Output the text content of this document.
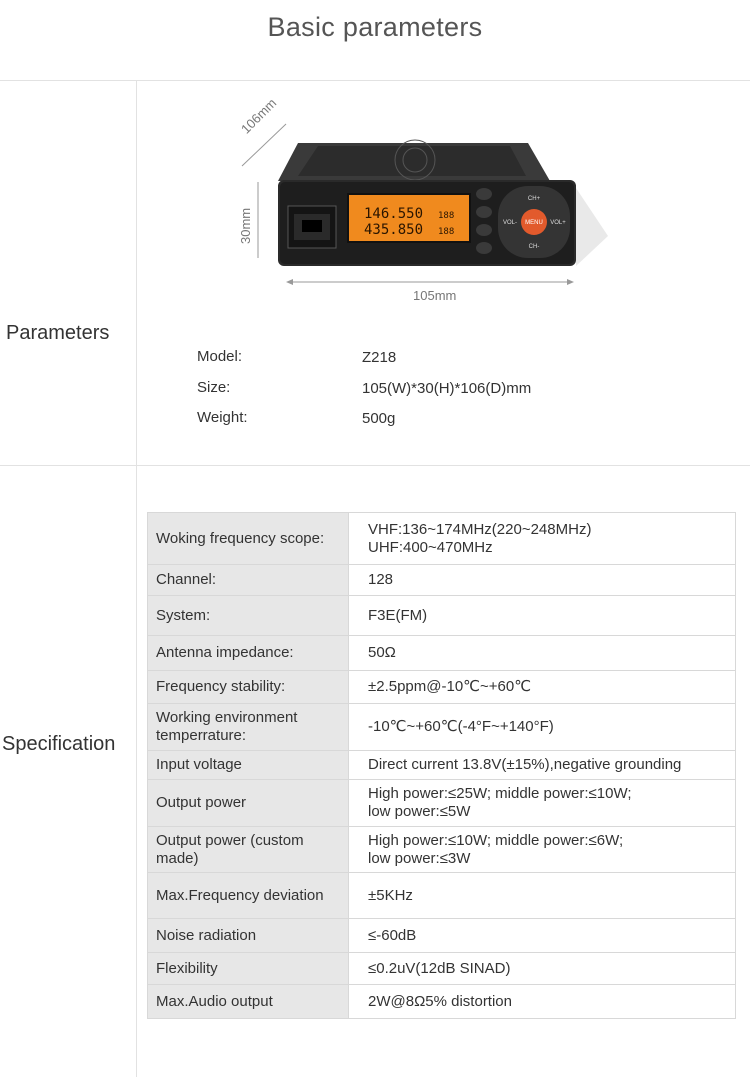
Basic parameters
Parameters
Specification
146.550 188
435.850 188
MENU
CH+
CH-
VOL-	VOL+
106mm
30mm
105mm
Model:	Z218
Size:	105(W)*30(H)*106(D)mm
Weight:	500g
Woking frequency scope:	VHF:136~174MHz(220~248MHz)
UHF:400~470MHz

Channel:	128
System:	F3E(FM)
Antenna impedance:	50Ω
Frequency stability:	±2.5ppm@-10℃~+60℃
Working environment temperrature:	-10℃~+60℃(-4°F~+140°F)
Input voltage	Direct current 13.8V(±15%),negative grounding
Output power	High power:≤25W; middle power:≤10W;
low power:≤5W

Output power (custom made)	High power:≤10W; middle power:≤6W;
low power:≤3W

Max.Frequency deviation	±5KHz
Noise radiation	≤-60dB
Flexibility	≤0.2uV(12dB SINAD)
Max.Audio output	2W@8Ω5% distortion
